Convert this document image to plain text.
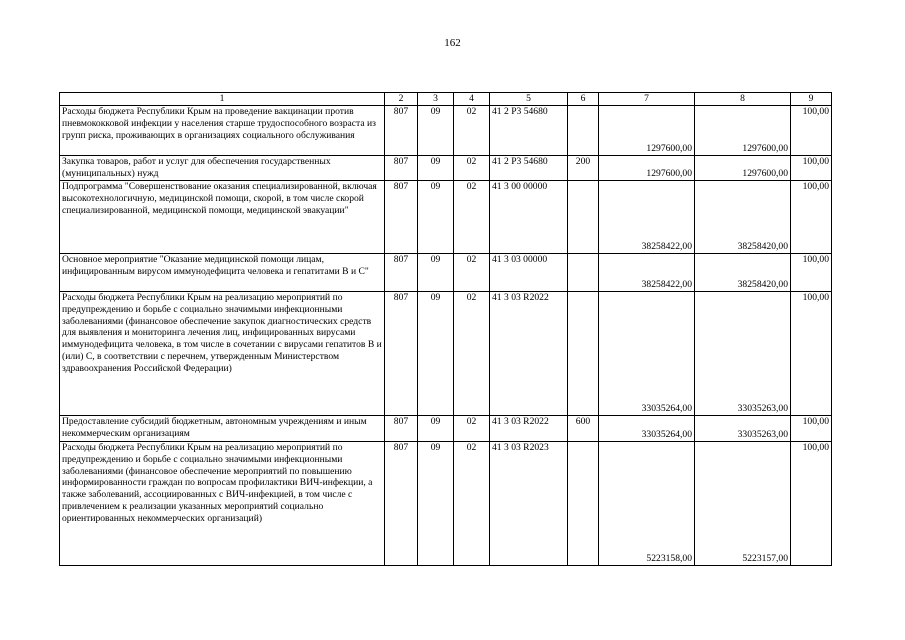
162
1	2	3	4	5	6	7	8	9
Расходы бюджета Республики Крым на проведение вакцинации против пневмококковой инфекции у населения старше трудоспособного возраста из групп риска, проживающих в организациях социального обслуживания	807	09	02	41 2 Р3 54680		1297600,00	1297600,00	100,00
Закупка товаров, работ и услуг для обеспечения государственных (муниципальных) нужд	807	09	02	41 2 Р3 54680	200	1297600,00	1297600,00	100,00
Подпрограмма "Совершенствование оказания специализированной, включая высокотехнологичную, медицинской помощи, скорой, в том числе скорой специализированной, медицинской помощи, медицинской эвакуации"	807	09	02	41 3 00 00000		38258422,00	38258420,00	100,00
Основное мероприятие "Оказание медицинской помощи лицам, инфицированным вирусом иммунодефицита человека и гепатитами В и С"	807	09	02	41 3 03 00000		38258422,00	38258420,00	100,00
Расходы бюджета Республики Крым на реализацию мероприятий по предупреждению и борьбе с социально значимыми инфекционными заболеваниями (финансовое обеспечение закупок диагностических средств для выявления и мониторинга лечения лиц, инфицированных вирусами иммунодефицита человека, в том числе в сочетании с вирусами гепатитов В и (или) С, в соответствии с перечнем, утвержденным Министерством здравоохранения Российской Федерации)	807	09	02	41 3 03 R2022		33035264,00	33035263,00	100,00
Предоставление субсидий бюджетным, автономным учреждениям и иным некоммерческим организациям	807	09	02	41 3 03 R2022	600	33035264,00	33035263,00	100,00
Расходы бюджета Республики Крым на реализацию мероприятий по предупреждению и борьбе с социально значимыми инфекционными заболеваниями (финансовое обеспечение мероприятий по повышению информированности граждан по вопросам профилактики ВИЧ-инфекции, а также заболеваний, ассоциированных с ВИЧ-инфекцией, в том числе с привлечением к реализации указанных мероприятий социально ориентированных некоммерческих организаций)	807	09	02	41 3 03 R2023		5223158,00	5223157,00	100,00
